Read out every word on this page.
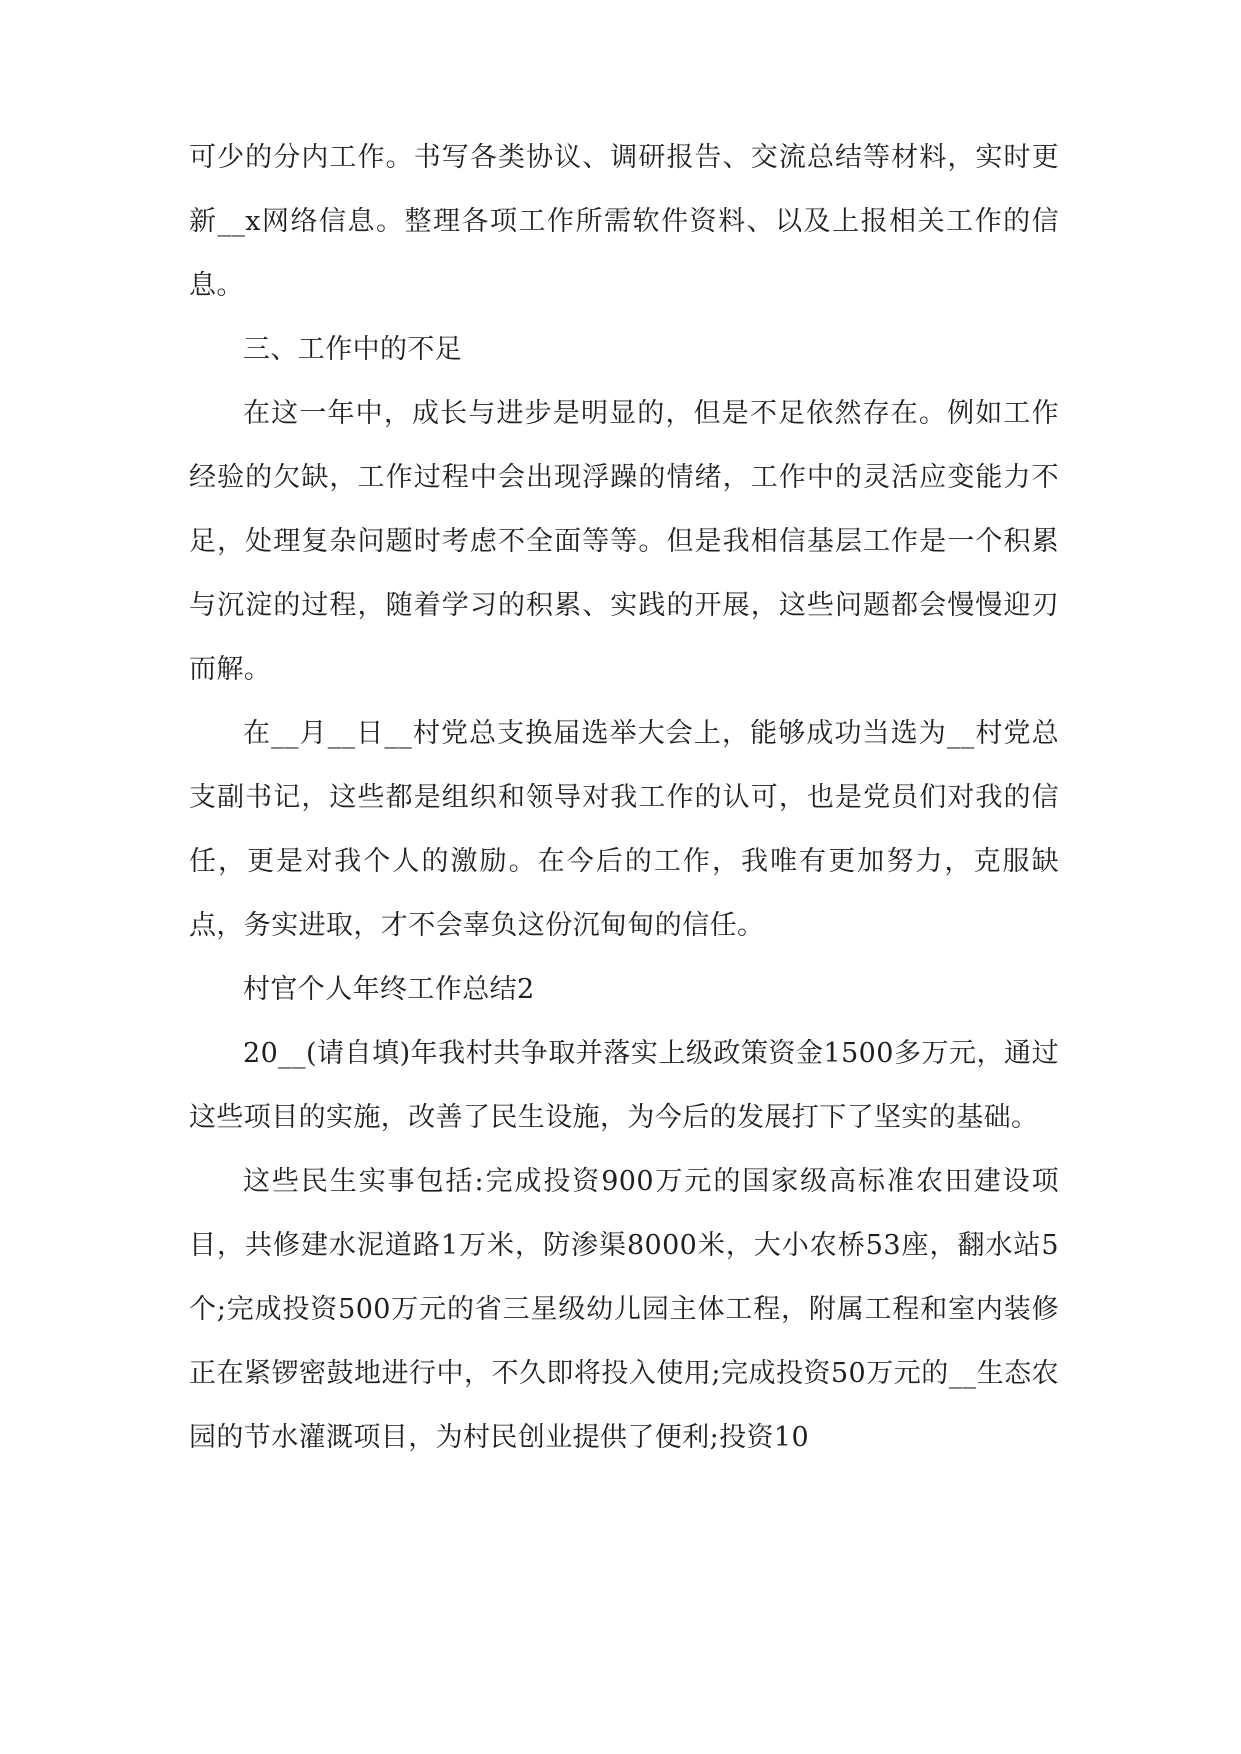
可少的分内工作。书写各类协议、调研报告、交流总结等材料，实时更新__x网络信息。整理各项工作所需软件资料、以及上报相关工作的信息。

三、工作中的不足

在这一年中，成长与进步是明显的，但是不足依然存在。例如工作经验的欠缺，工作过程中会出现浮躁的情绪，工作中的灵活应变能力不足，处理复杂问题时考虑不全面等等。但是我相信基层工作是一个积累与沉淀的过程，随着学习的积累、实践的开展，这些问题都会慢慢迎刃而解。

在__月__日__村党总支换届选举大会上，能够成功当选为__村党总支副书记，这些都是组织和领导对我工作的认可，也是党员们对我的信任，更是对我个人的激励。在今后的工作，我唯有更加努力，克服缺点，务实进取，才不会辜负这份沉甸甸的信任。

村官个人年终工作总结2

20__(请自填)年我村共争取并落实上级政策资金1500多万元，通过这些项目的实施，改善了民生设施，为今后的发展打下了坚实的基础。

这些民生实事包括:完成投资900万元的国家级高标准农田建设项目，共修建水泥道路1万米，防渗渠8000米，大小农桥53座，翻水站5个;完成投资500万元的省三星级幼儿园主体工程，附属工程和室内装修正在紧锣密鼓地进行中，不久即将投入使用;完成投资50万元的__生态农园的节水灌溉项目，为村民创业提供了便利;投资10
